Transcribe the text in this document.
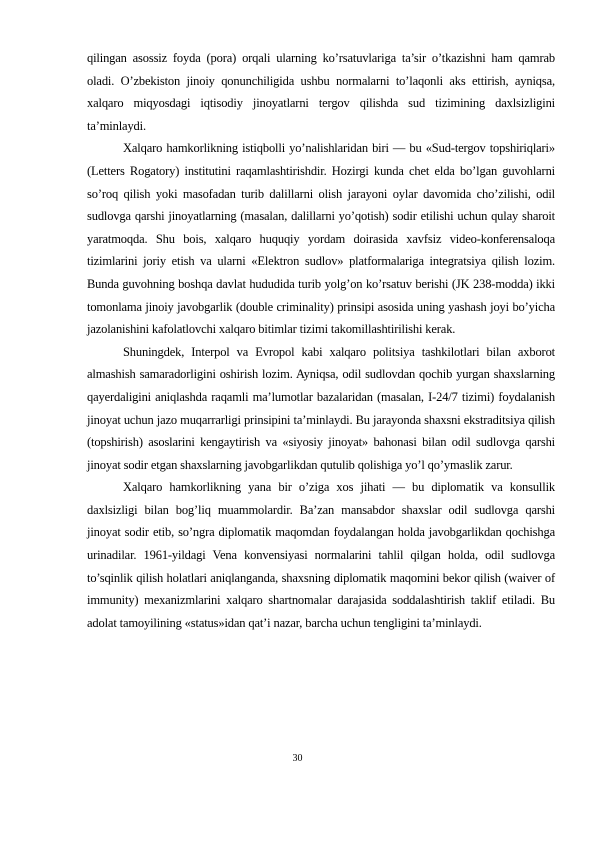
qilingan asossiz foyda (pora) orqali ularning ko’rsatuvlariga ta’sir o’tkazishni ham qamrab oladi. O’zbekiston jinoiy qonunchiligida ushbu normalarni to’laqonli aks ettirish, ayniqsa, xalqaro miqyosdagi iqtisodiy jinoyatlarni tergov qilishda sud tizimining daxlsizligini ta’minlaydi.

Xalqaro hamkorlikning istiqbolli yo’nalishlaridan biri — bu «Sud-tergov topshiriqlari» (Letters Rogatory) institutini raqamlashtirishdir. Hozirgi kunda chet elda bo’lgan guvohlarni so’roq qilish yoki masofadan turib dalillarni olish jarayoni oylar davomida cho’zilishi, odil sudlovga qarshi jinoyatlarning (masalan, dalillarni yo’qotish) sodir etilishi uchun qulay sharoit yaratmoqda. Shu bois, xalqaro huquqiy yordam doirasida xavfsiz video-konferensaloqa tizimlarini joriy etish va ularni «Elektron sudlov» platformalariga integratsiya qilish lozim. Bunda guvohning boshqa davlat hududida turib yolg’on ko’rsatuv berishi (JK 238-modda) ikki tomonlama jinoiy javobgarlik (double criminality) prinsipi asosida uning yashash joyi bo’yicha jazolanishini kafolatlovchi xalqaro bitimlar tizimi takomillashtirilishi kerak.

Shuningdek, Interpol va Evropol kabi xalqaro politsiya tashkilotlari bilan axborot almashish samaradorligini oshirish lozim. Ayniqsa, odil sudlovdan qochib yurgan shaxslarning qayerdaligini aniqlashda raqamli ma’lumotlar bazalaridan (masalan, I-24/7 tizimi) foydalanish jinoyat uchun jazo muqarrarligi prinsipini ta’minlaydi. Bu jarayonda shaxsni ekstraditsiya qilish (topshirish) asoslarini kengaytirish va «siyosiy jinoyat» bahonasi bilan odil sudlovga qarshi jinoyat sodir etgan shaxslarning javobgarlikdan qutulib qolishiga yo’l qo’ymaslik zarur.

Xalqaro hamkorlikning yana bir o’ziga xos jihati — bu diplomatik va konsullik daxlsizligi bilan bog’liq muammolardir. Ba’zan mansabdor shaxslar odil sudlovga qarshi jinoyat sodir etib, so’ngra diplomatik maqomdan foydalangan holda javobgarlikdan qochishga urinadilar. 1961-yildagi Vena konvensiyasi normalarini tahlil qilgan holda, odil sudlovga to’sqinlik qilish holatlari aniqlanganda, shaxsning diplomatik maqomini bekor qilish (waiver of immunity) mexanizmlarini xalqaro shartnomalar darajasida soddalashtirish taklif etiladi. Bu adolat tamoyilining «status»idan qat’i nazar, barcha uchun tengligini ta’minlaydi.

30
